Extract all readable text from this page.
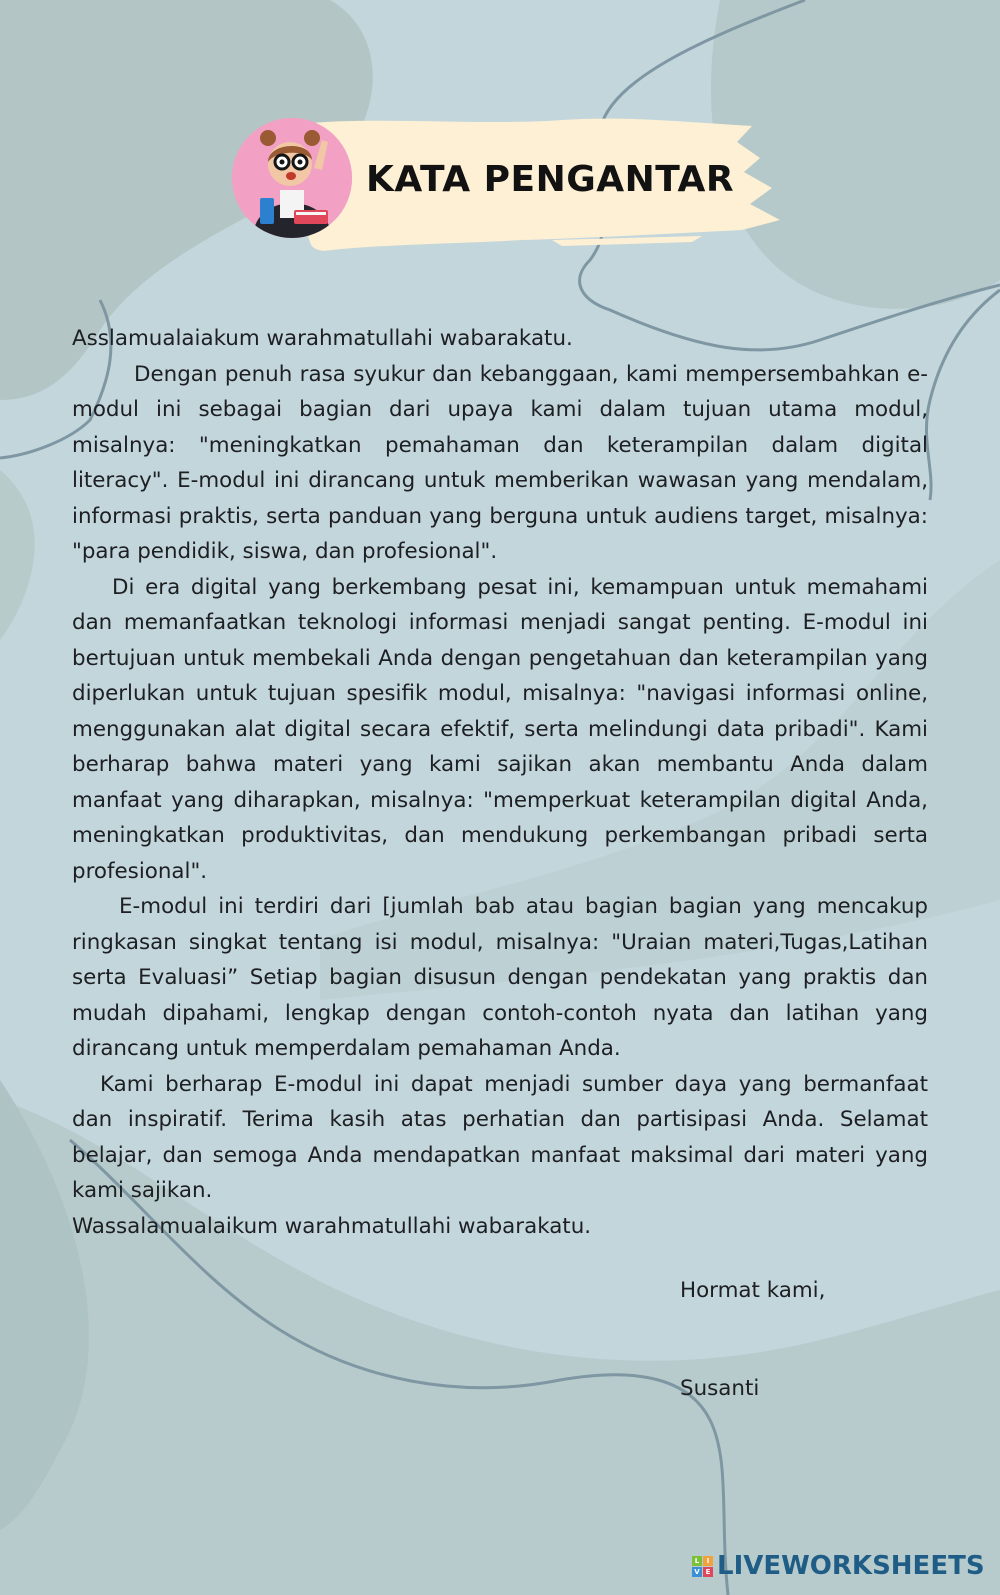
KATA PENGANTAR

Asslamualaiakum warahmatullahi wabarakatu.

Dengan penuh rasa syukur dan kebanggaan, kami mempersembahkan e-modul ini sebagai bagian dari upaya kami dalam tujuan utama modul, misalnya: "meningkatkan pemahaman dan keterampilan dalam digital literacy". E-modul ini dirancang untuk memberikan wawasan yang mendalam, informasi praktis, serta panduan yang berguna untuk audiens target, misalnya: "para pendidik, siswa, dan profesional".

Di era digital yang berkembang pesat ini, kemampuan untuk memahami dan memanfaatkan teknologi informasi menjadi sangat penting. E-modul ini bertujuan untuk membekali Anda dengan pengetahuan dan keterampilan yang diperlukan untuk tujuan spesifik modul, misalnya: "navigasi informasi online, menggunakan alat digital secara efektif, serta melindungi data pribadi". Kami berharap bahwa materi yang kami sajikan akan membantu Anda dalam manfaat yang diharapkan, misalnya: "memperkuat keterampilan digital Anda, meningkatkan produktivitas, dan mendukung perkembangan pribadi serta profesional".

E-modul ini terdiri dari [jumlah bab atau bagian bagian yang mencakup ringkasan singkat tentang isi modul, misalnya: "Uraian materi,Tugas,Latihan serta Evaluasi” Setiap bagian disusun dengan pendekatan yang praktis dan mudah dipahami, lengkap dengan contoh-contoh nyata dan latihan yang dirancang untuk memperdalam pemahaman Anda.

Kami berharap E-modul ini dapat menjadi sumber daya yang bermanfaat dan inspiratif. Terima kasih atas perhatian dan partisipasi Anda. Selamat belajar, dan semoga Anda mendapatkan manfaat maksimal dari materi yang kami sajikan.

Wassalamualaikum warahmatullahi wabarakatu.

Hormat kami,

Susanti

L	I
V E LIVEWORKSHEETS
